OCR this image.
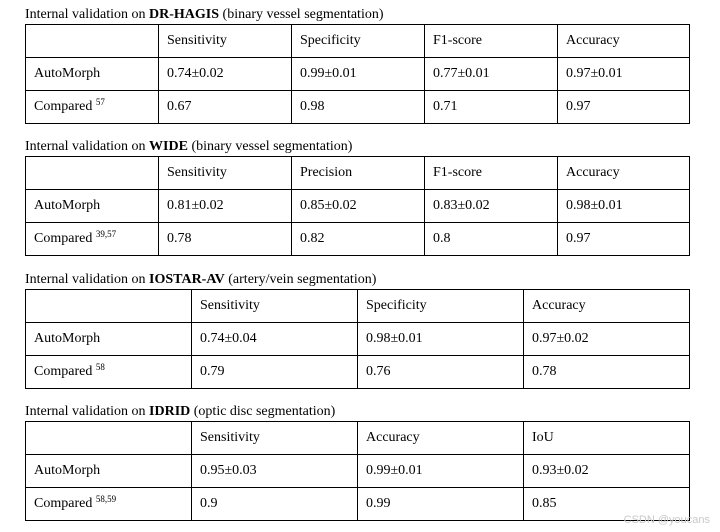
Internal validation on DR-HAGIS (binary vessel segmentation)
	Sensitivity	Specificity	F1-score	Accuracy
AutoMorph	0.74±0.02	0.99±0.01	0.77±0.01	0.97±0.01
Compared $^{57}$	0.67	0.98	0.71	0.97
Internal validation on WIDE (binary vessel segmentation)
	Sensitivity	Precision	F1-score	Accuracy
AutoMorph	0.81±0.02	0.85±0.02	0.83±0.02	0.98±0.01
Compared $^{39,57}$	0.78	0.82	0.8	0.97
Internal validation on IOSTAR-AV (artery/vein segmentation)
	Sensitivity	Specificity	Accuracy
AutoMorph	0.74±0.04	0.98±0.01	0.97±0.02
Compared $^{58}$	0.79	0.76	0.78
Internal validation on IDRID (optic disc segmentation)
	Sensitivity	Accuracy	IoU
AutoMorph	0.95±0.03	0.99±0.01	0.93±0.02
Compared $^{58,59}$	0.9	0.99	0.85
CSDN @youcans
